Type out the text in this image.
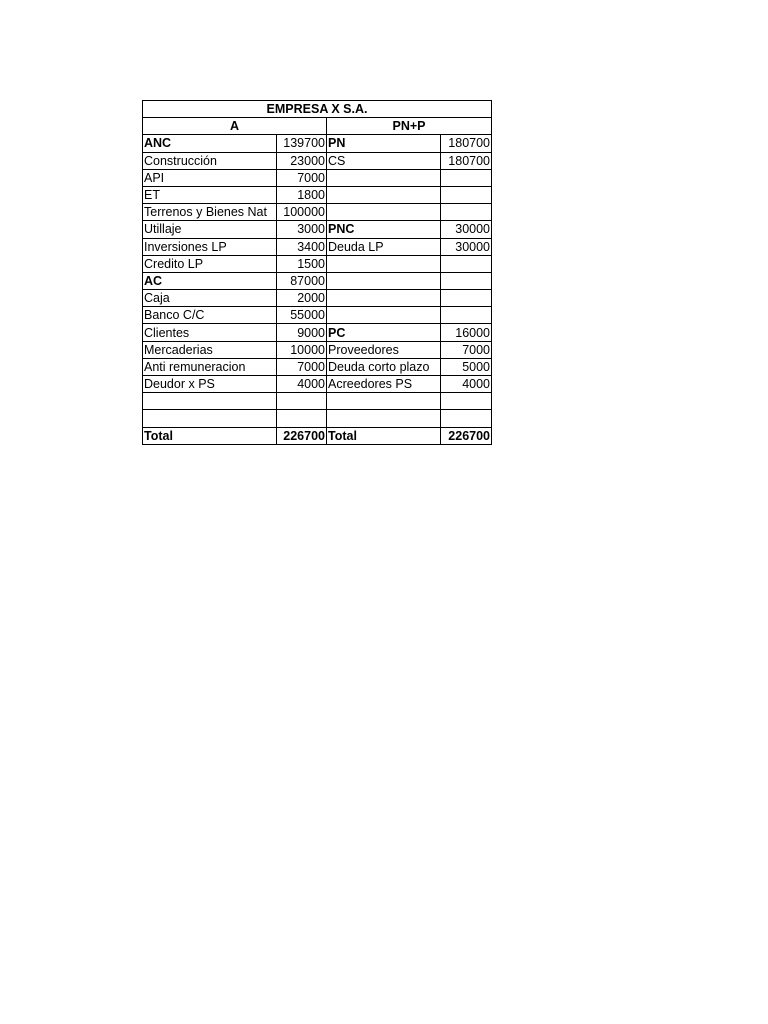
EMPRESA X S.A.			
A		PN+P	
ANC	139700	PN	180700
Construcción	23000	CS	180700
API	7000		
ET	1800		
Terrenos y Bienes Nat	100000		
Utillaje	3000	PNC	30000
Inversiones LP	3400	Deuda LP	30000
Credito LP	1500		
AC	87000		
Caja	2000		
Banco C/C	55000		
Clientes	9000	PC	16000
Mercaderias	10000	Proveedores	7000
Anti remuneracion	7000	Deuda corto plazo	5000
Deudor x PS	4000	Acreedores PS	4000

Total	226700	Total	226700
